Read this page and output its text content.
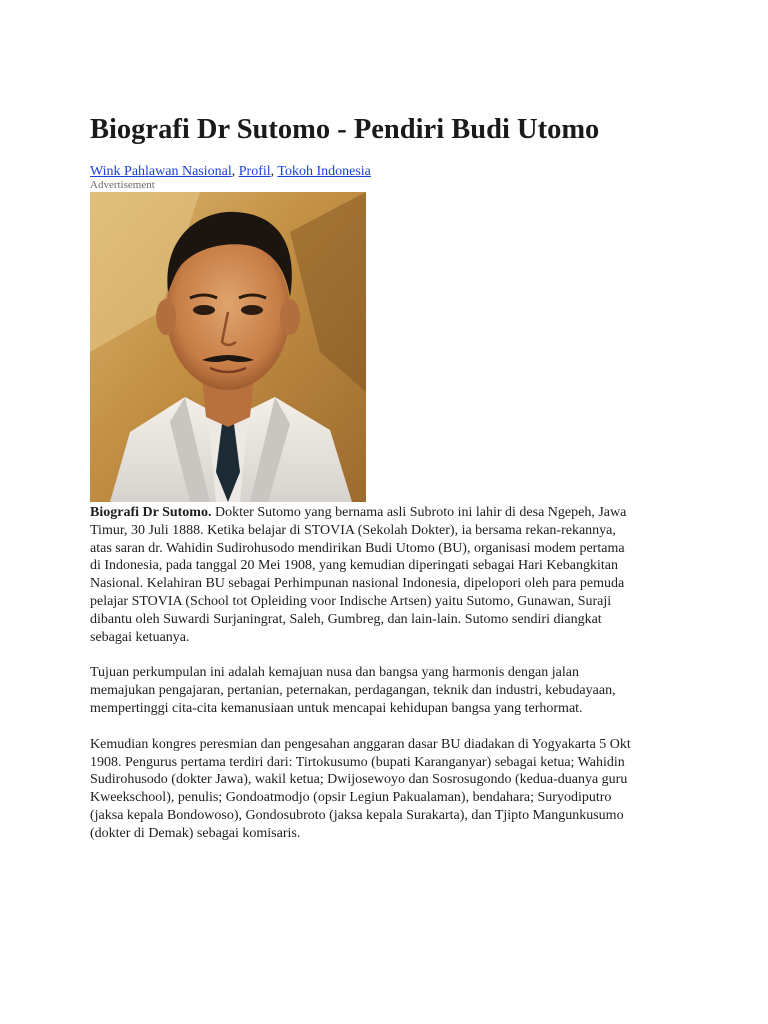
Biografi Dr Sutomo - Pendiri Budi Utomo
Wink Pahlawan Nasional, Profil, Tokoh Indonesia
Advertisement

Biografi Dr Sutomo. Dokter Sutomo yang bernama asli Subroto ini lahir di desa Ngepeh, Jawa
Timur, 30 Juli 1888. Ketika belajar di STOVIA (Sekolah Dokter), ia bersama rekan-rekannya,
atas saran dr. Wahidin Sudirohusodo mendirikan Budi Utomo (BU), organisasi modem pertama
di Indonesia, pada tanggal 20 Mei 1908, yang kemudian diperingati sebagai Hari Kebangkitan
Nasional. Kelahiran BU sebagai Perhimpunan nasional Indonesia, dipelopori oleh para pemuda
pelajar STOVIA (School tot Opleiding voor Indische Artsen) yaitu Sutomo, Gunawan, Suraji
dibantu oleh Suwardi Surjaningrat, Saleh, Gumbreg, dan lain-lain. Sutomo sendiri diangkat
sebagai ketuanya.

Tujuan perkumpulan ini adalah kemajuan nusa dan bangsa yang harmonis dengan jalan
memajukan pengajaran, pertanian, peternakan, perdagangan, teknik dan industri, kebudayaan,
mempertinggi cita-cita kemanusiaan untuk mencapai kehidupan bangsa yang terhormat.

Kemudian kongres peresmian dan pengesahan anggaran dasar BU diadakan di Yogyakarta 5 Okt
1908. Pengurus pertama terdiri dari: Tirtokusumo (bupati Karanganyar) sebagai ketua; Wahidin
Sudirohusodo (dokter Jawa), wakil ketua; Dwijosewoyo dan Sosrosugondo (kedua-duanya guru
Kweekschool), penulis; Gondoatmodjo (opsir Legiun Pakualaman), bendahara; Suryodiputro
(jaksa kepala Bondowoso), Gondosubroto (jaksa kepala Surakarta), dan Tjipto Mangunkusumo
(dokter di Demak) sebagai komisaris.
